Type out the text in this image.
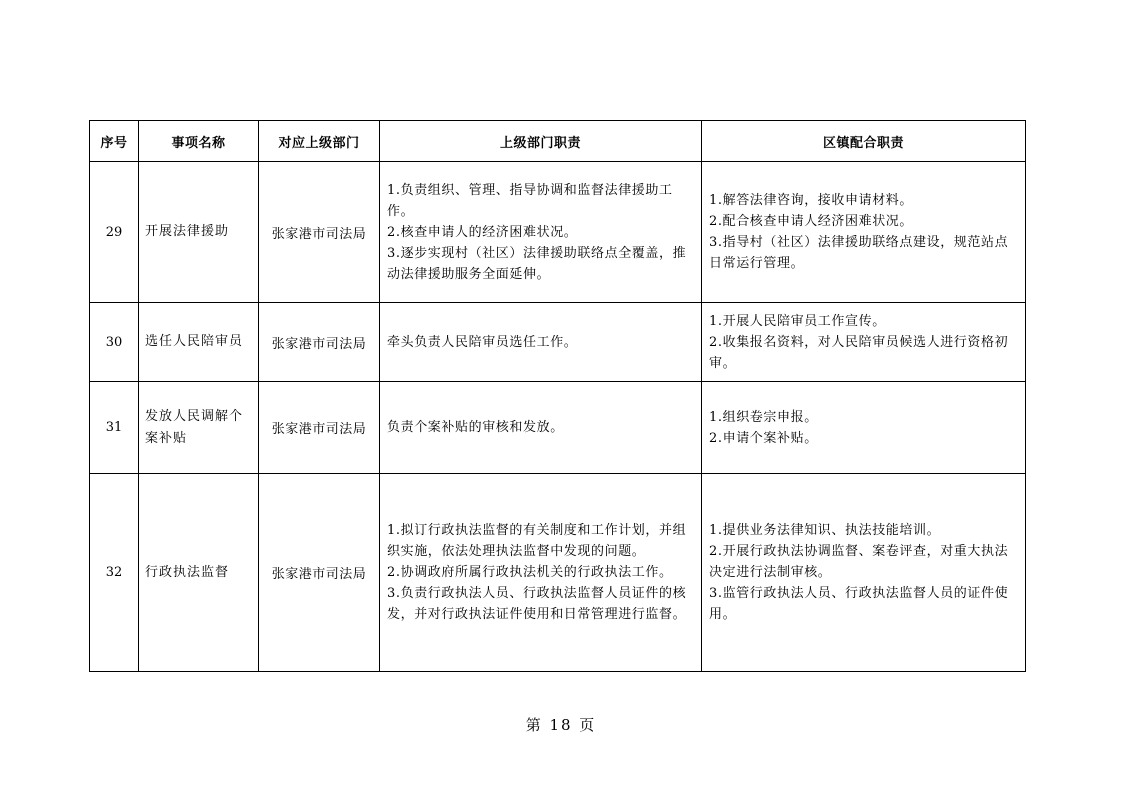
序号	事项名称	对应上级部门	上级部门职责	区镇配合职责
29	开展法律援助	张家港市司法局	1.负责组织、管理、指导协调和监督法律援助工作。
2.核查申请人的经济困难状况。
3.逐步实现村（社区）法律援助联络点全覆盖，推动法律援助服务全面延伸。	1.解答法律咨询，接收申请材料。
2.配合核查申请人经济困难状况。
3.指导村（社区）法律援助联络点建设，规范站点日常运行管理。

30	选任人民陪审员	张家港市司法局	牵头负责人民陪审员选任工作。	1.开展人民陪审员工作宣传。
2.收集报名资料，对人民陪审员候选人进行资格初审。

31	发放人民调解个案补贴	张家港市司法局	负责个案补贴的审核和发放。	1.组织卷宗申报。
2.申请个案补贴。

32	行政执法监督	张家港市司法局	1.拟订行政执法监督的有关制度和工作计划，并组织实施，依法处理执法监督中发现的问题。
2.协调政府所属行政执法机关的行政执法工作。
3.负责行政执法人员、行政执法监督人员证件的核发，并对行政执法证件使用和日常管理进行监督。	1.提供业务法律知识、执法技能培训。
2.开展行政执法协调监督、案卷评查，对重大执法决定进行法制审核。
3.监管行政执法人员、行政执法监督人员的证件使用。
第 18 页
